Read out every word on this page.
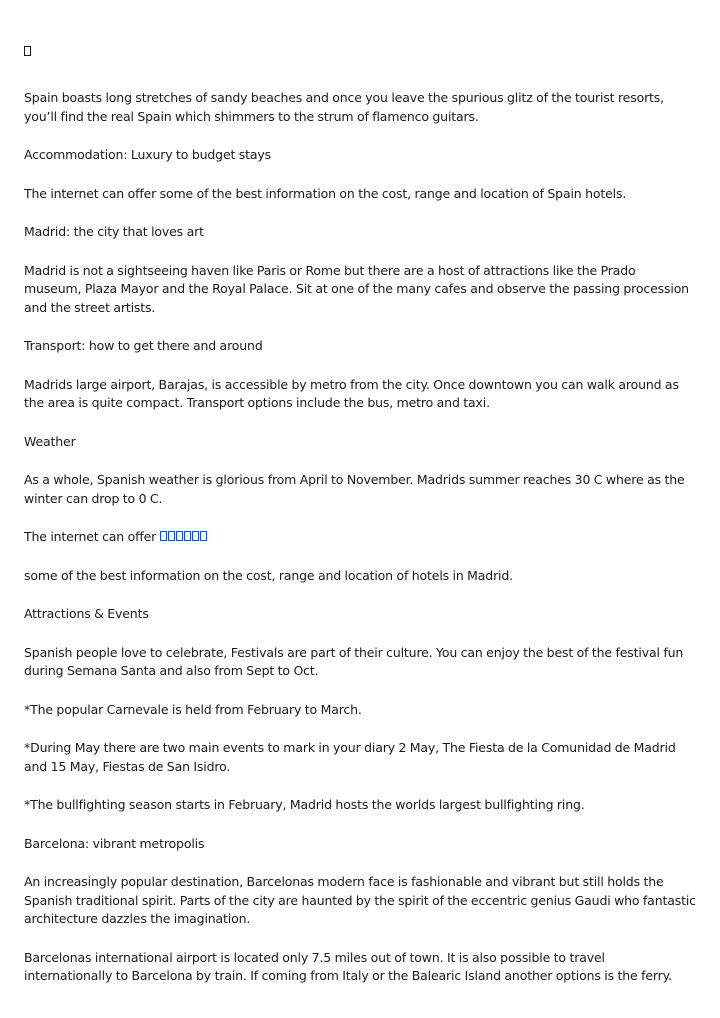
Spain boasts long stretches of sandy beaches and once you leave the spurious glitz of the tourist resorts, you’ll find the real Spain which shimmers to the strum of flamenco guitars.

Accommodation: Luxury to budget stays

The internet can offer some of the best information on the cost, range and location of Spain hotels.

Madrid: the city that loves art

Madrid is not a sightseeing haven like Paris or Rome but there are a host of attractions like the Prado museum, Plaza Mayor and the Royal Palace. Sit at one of the many cafes and observe the passing procession and the street artists.

Transport: how to get there and around

Madrids large airport, Barajas, is accessible by metro from the city. Once downtown you can walk around as the area is quite compact. Transport options include the bus, metro and taxi.

Weather

As a whole, Spanish weather is glorious from April to November. Madrids summer reaches 30 C where as the winter can drop to 0 C.

The internet can offer

some of the best information on the cost, range and location of hotels in Madrid.

Attractions & Events

Spanish people love to celebrate, Festivals are part of their culture. You can enjoy the best of the festival fun during Semana Santa and also from Sept to Oct.

*The popular Carnevale is held from February to March.

*During May there are two main events to mark in your diary 2 May, The Fiesta de la Comunidad de Madrid and 15 May, Fiestas de San Isidro.

*The bullfighting season starts in February, Madrid hosts the worlds largest bullfighting ring.

Barcelona: vibrant metropolis

An increasingly popular destination, Barcelonas modern face is fashionable and vibrant but still holds the Spanish traditional spirit. Parts of the city are haunted by the spirit of the eccentric genius Gaudi who fantastic architecture dazzles the imagination.

Barcelonas international airport is located only 7.5 miles out of town. It is also possible to travel internationally to Barcelona by train. If coming from Italy or the Balearic Island another options is the ferry.
